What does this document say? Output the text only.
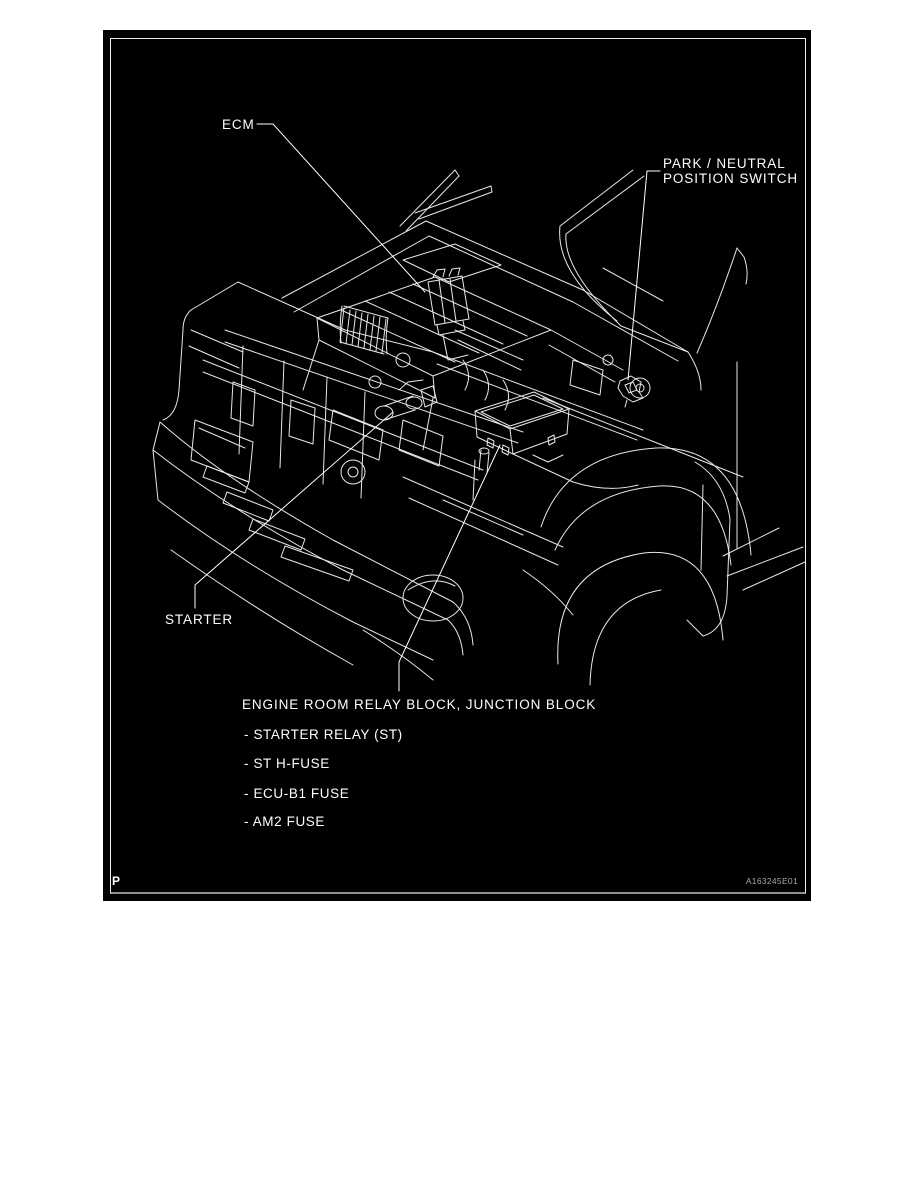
ECM
PARK / NEUTRAL
POSITION SWITCH
STARTER
ENGINE ROOM RELAY BLOCK, JUNCTION BLOCK
- STARTER RELAY (ST)
- ST H-FUSE
- ECU-B1 FUSE
- AM2 FUSE
P	A163245E01
